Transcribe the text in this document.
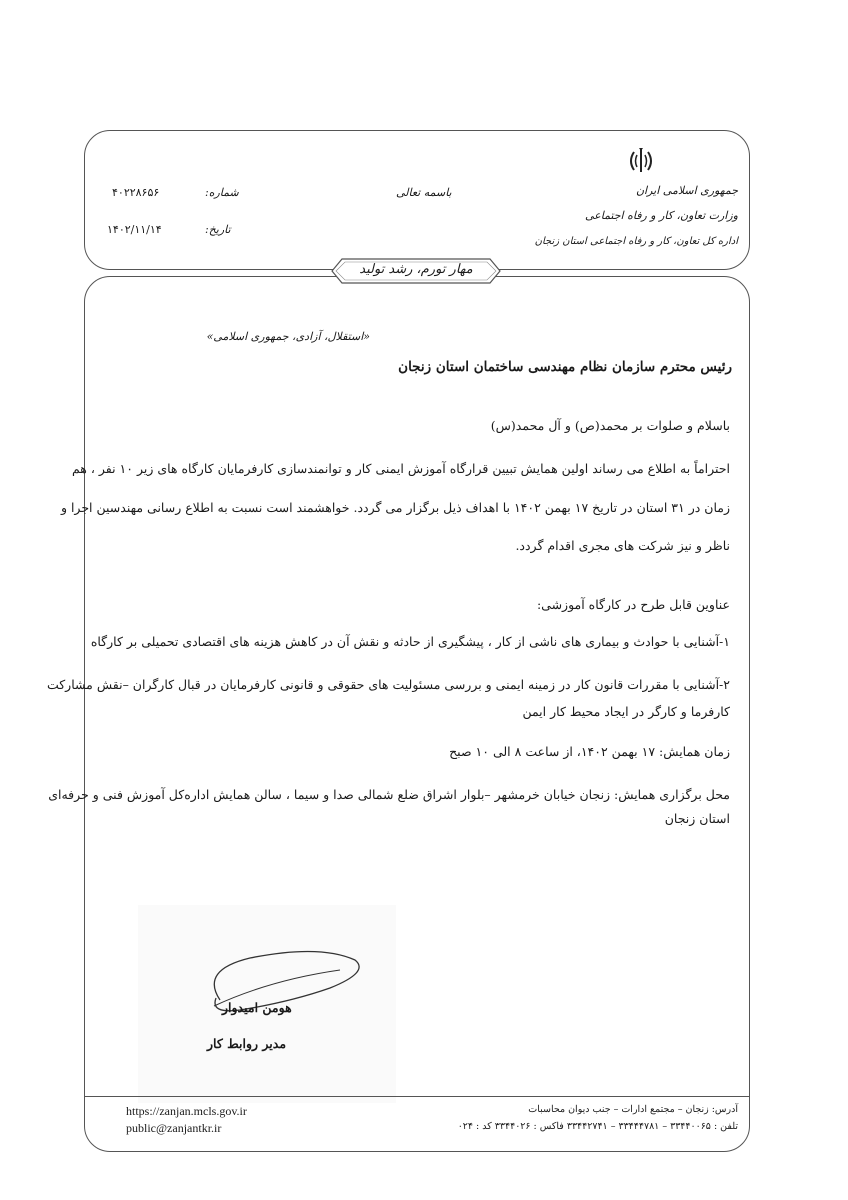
جمهوری اسلامی ایران
وزارت تعاون، کار و رفاه اجتماعی
اداره کل تعاون، کار و رفاه اجتماعی استان زنجان
باسمه تعالی
شماره:
۴۰۲۲۸۶۵۶
تاریخ:
۱۴۰۲/۱۱/۱۴
مهار تورم، رشد تولید
«استقلال، آزادی، جمهوری اسلامی»
رئیس محترم سازمان نظام مهندسی ساختمان استان زنجان
باسلام و صلوات بر محمد(ص) و آل محمد(س)
احتراماً به اطلاع می رساند اولین همایش تبیین قرارگاه آموزش ایمنی کار و توانمندسازی کارفرمایان کارگاه های زیر ۱۰ نفر ، هم
زمان در ۳۱ استان در تاریخ ۱۷ بهمن ۱۴۰۲ با اهداف ذیل برگزار می گردد. خواهشمند است نسبت به اطلاع رسانی مهندسین اجرا و
ناظر و نیز شرکت های مجری اقدام گردد.
عناوین قابل طرح در کارگاه آموزشی:
۱-آشنایی با حوادث و بیماری های ناشی از کار ، پیشگیری از حادثه و نقش آن در کاهش هزینه های اقتصادی تحمیلی بر کارگاه
۲-آشنایی با مقررات قانون کار در زمینه ایمنی و بررسی مسئولیت های حقوقی و قانونی کارفرمایان در قبال کارگران –نقش مشارکت
کارفرما و کارگر در ایجاد محیط کار ایمن
زمان همایش: ۱۷ بهمن ۱۴۰۲، از ساعت ۸ الی ۱۰ صبح
محل برگزاری همایش: زنجان خیابان خرمشهر –بلوار اشراق ضلع شمالی صدا و سیما ، سالن همایش اداره‌کل آموزش فنی و حرفه‌ای
استان زنجان
هومن امیدوار
مدیر روابط کار
https://zanjan.mcls.gov.ir
public@zanjantkr.ir
آدرس: زنجان – مجتمع ادارات – جنب دیوان محاسبات
تلفن : ۳۳۴۴۰۰۶۵ – ۳۳۴۴۴۷۸۱ – ۳۳۴۴۲۷۴۱ فاکس : ۳۳۴۴۰۲۶ کد : ۰۲۴
